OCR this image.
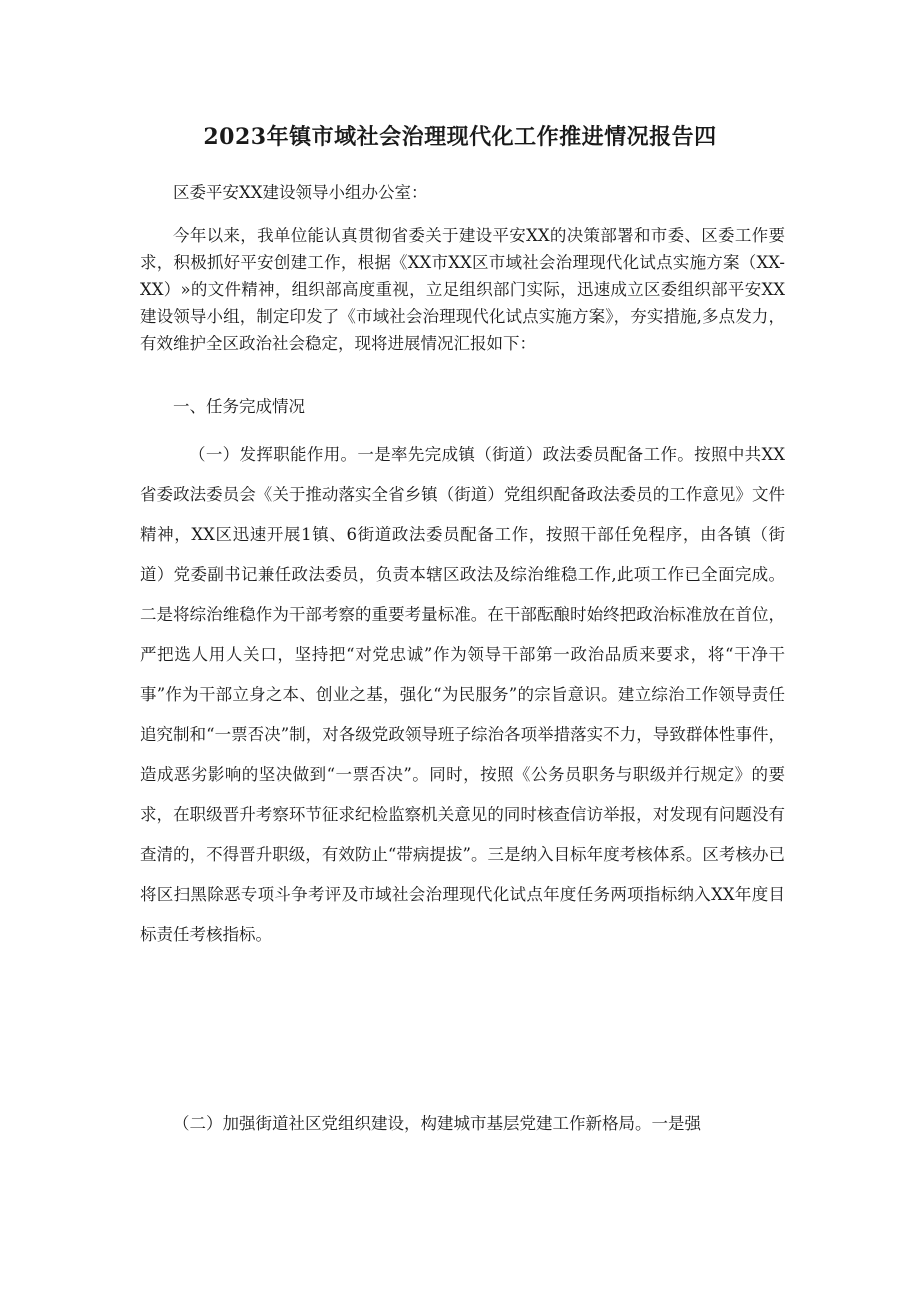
2023年镇市域社会治理现代化工作推进情况报告四

区委平安XX建设领导小组办公室：

今年以来，我单位能认真贯彻省委关于建设平安XX的决策部署和市委、区委工作要求，积极抓好平安创建工作，根据《XX市XX区市域社会治理现代化试点实施方案（XX-XX）»的文件精神，组织部高度重视，立足组织部门实际，迅速成立区委组织部平安XX建设领导小组，制定印发了《市域社会治理现代化试点实施方案》，夯实措施,多点发力，有效维护全区政治社会稳定，现将进展情况汇报如下：

一、任务完成情况

（一）发挥职能作用。一是率先完成镇（街道）政法委员配备工作。按照中共XX省委政法委员会《关于推动落实全省乡镇（街道）党组织配备政法委员的工作意见》文件精神，XX区迅速开展1镇、6街道政法委员配备工作，按照干部任免程序，由各镇（街道）党委副书记兼任政法委员，负责本辖区政法及综治维稳工作,此项工作已全面完成。二是将综治维稳作为干部考察的重要考量标准。在干部酝酿时始终把政治标准放在首位，严把选人用人关口，坚持把“对党忠诚”作为领导干部第一政治品质来要求，将“干净干事”作为干部立身之本、创业之基，强化“为民服务”的宗旨意识。建立综治工作领导责任追究制和“一票否决”制，对各级党政领导班子综治各项举措落实不力，导致群体性事件，造成恶劣影响的坚决做到“一票否决”。同时，按照《公务员职务与职级并行规定》的要求，在职级晋升考察环节征求纪检监察机关意见的同时核查信访举报，对发现有问题没有查清的，不得晋升职级，有效防止“带病提拔”。三是纳入目标年度考核体系。区考核办已将区扫黑除恶专项斗争考评及市域社会治理现代化试点年度任务两项指标纳入XX年度目标责任考核指标。

（二）加强街道社区党组织建设，构建城市基层党建工作新格局。一是强
